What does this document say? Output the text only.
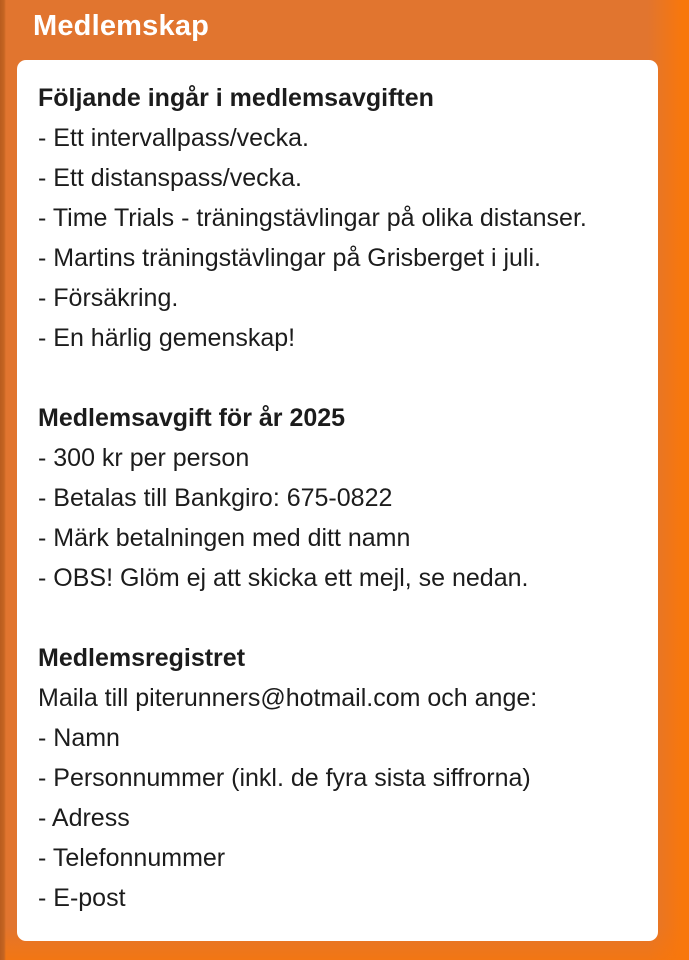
Medlemskap
Följande ingår i medlemsavgiften

- Ett intervallpass/vecka.

- Ett distanspass/vecka.

- Time Trials - träningstävlingar på olika distanser.

- Martins träningstävlingar på Grisberget i juli.

- Försäkring.

- En härlig gemenskap!

Medlemsavgift för år 2025

- 300 kr per person

- Betalas till Bankgiro: 675-0822

- Märk betalningen med ditt namn

- OBS! Glöm ej att skicka ett mejl, se nedan.

Medlemsregistret

Maila till piterunners@hotmail.com och ange:

- Namn

- Personnummer (inkl. de fyra sista siffrorna)

- Adress

- Telefonnummer

- E-post
